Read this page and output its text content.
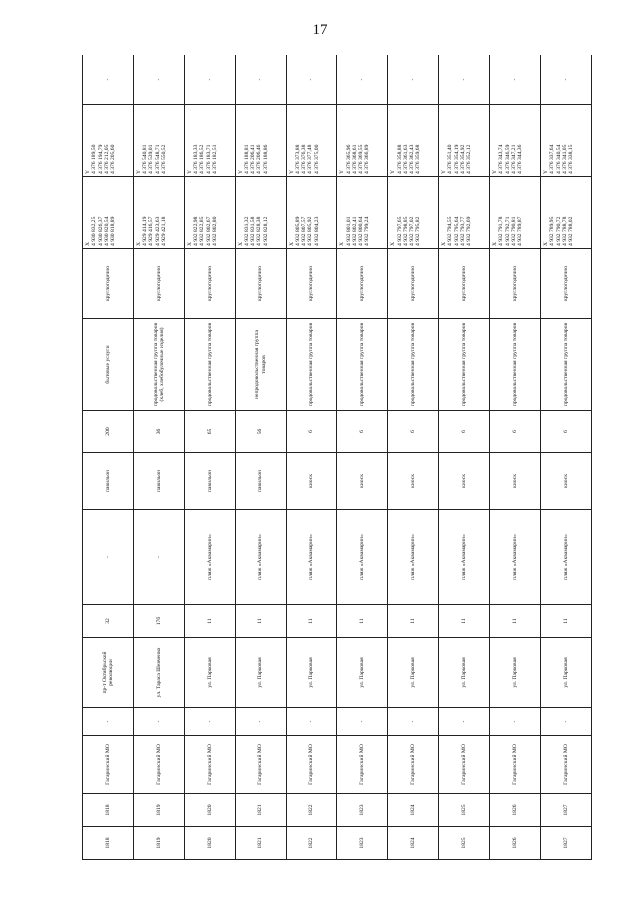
17
1818	1818	Гагаринский МО	-	пр-т Октябрьской революции	32	-	павильон	200	бытовые услуги	круглогодично	X 4 930 832,25 4 930 826,37 4 930 820,54 4 930 818,89	Y 4 376 189,50 4 376 194,79 4 376 212,05 4 376 205,60	-
1819	1819	Гагаринский МО	-	ул. Тараса Шевченко	17б	-	павильон	36	продовольственная группа товаров (хлеб, хлебобулочные изделия)	круглогодично	X 4 929 414,19 4 929 416,57 4 929 423,63 4 929 421,18	Y 4 376 540,81 4 376 539,01 4 376 548,71 4 376 550,52	-
1820	1820	Гагаринский МО	-	ул. Парковая	11	пляж «Аквамарин»	павильон	65	продовольственная группа товаров	круглогодично	X 4 932 822,98 4 932 822,85 4 932 802,67 4 932 802,80	Y 4 376 183,33 4 376 186,52 4 376 183,71 4 376 182,51	-
1821	1821	Гагаринский МО	-	ул. Парковая	11	пляж «Аквамарин»	павильон	56	непродовольственная группа товаров	круглогодично	X 4 932 831,32 4 932 831,58 4 932 828,38 4 932 828,12	Y 4 376 188,81 4 376 206,41 4 376 206,46 4 376 188,86	-
1822	1822	Гагаринский МО	-	ул. Парковая	11	пляж «Аквамарин»	киоск	6	продовольственная группа товаров	круглогодично	X 4 932 805,89 4 932 807,57 4 932 805,92 4 932 804,23	Y 4 376 373,88 4 376 376,38 4 376 377,48 4 376 375,00	-
1823	1823	Гагаринский МО	-	ул. Парковая	11	пляж «Аквамарин»	киоск	6	продовольственная группа товаров	круглогодично	X 4 932 801,01 4 932 802,41 4 932 800,64 4 932 799,24	Y 4 376 365,96 4 376 368,61 4 376 369,55 4 376 366,89	-
1824	1824	Гагаринский МО	-	ул. Парковая	11	пляж «Аквамарин»	киоск	6	продовольственная группа товаров	круглогодично	X 4 932 797,65 4 932 798,85 4 932 797,02 4 932 795,82	Y 4 376 358,88 4 376 361,63 4 376 362,43 4 376 359,68	-
1825	1825	Гагаринский МО	-	ул. Парковая	11	пляж «Аквамарин»	киоск	6	продовольственная группа товаров	круглогодично	X 4 932 794,55 4 932 795,64 4 932 793,77 4 932 792,69	Y 4 376 351,40 4 376 354,19 4 376 354,92 4 376 352,12	-
1826	1826	Гагаринский МО	-	ул. Парковая	11	пляж «Аквамарин»	киоск	6	продовольственная группа товаров	круглогодично	X 4 932 791,78 4 932 792,71 4 932 790,81 4 932 789,87	Y 4 376 343,74 4 376 346,59 4 376 347,21 4 376 344,36	-
1827	1827	Гагаринский МО	-	ул. Парковая	11	пляж «Аквамарин»	киоск	6	продовольственная группа товаров	круглогодично	X 4 932 789,95 4 932 790,72 4 932 788,78 4 932 788,02	Y 4 376 337,64 4 376 340,54 4 376 341,05 4 376 338,15	-
